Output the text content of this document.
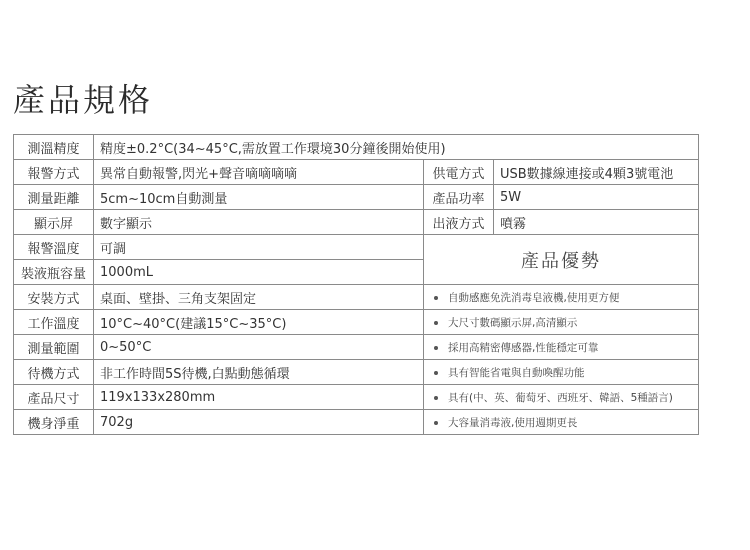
產品規格
測溫精度	精度±0.2°C(34~45°C,需放置工作環境30分鐘後開始使用)		
報警方式	異常自動報警,閃光+聲音嘀嘀嘀嘀	供電方式	USB數據線連接或4顆3號電池
測量距離	5cm~10cm自動測量	產品功率	5W
顯示屏	數字顯示	出液方式	噴霧
報警溫度	可調	產品優勢	
裝液瓶容量	1000mL		
安裝方式	桌面、壁掛、三角支架固定	自動感應免洗消毒皂液機,使用更方便	
工作溫度	10°C~40°C(建議15°C~35°C)	大尺寸數碼顯示屏,高清顯示	
測量範圍	0~50°C	採用高精密傳感器,性能穩定可靠	
待機方式	非工作時間5S待機,白點動態循環	具有智能省電與自動喚醒功能	
產品尺寸	119x133x280mm	具有(中、英、葡萄牙、西班牙、韓語、5種語言)	
機身淨重	702g	大容量消毒液,使用週期更長	
